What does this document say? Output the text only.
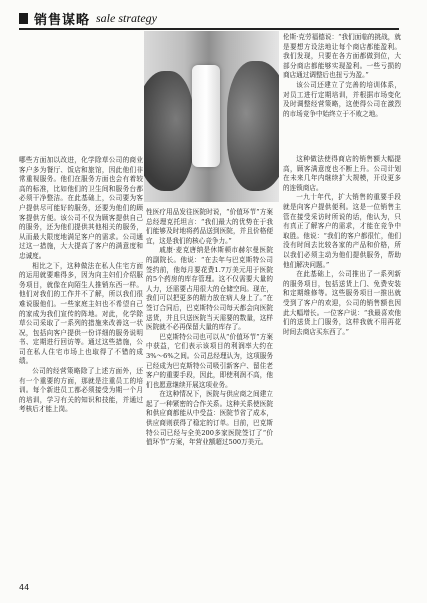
销售谋略 sale strategy

伦斯·克劳福德说：“我们面临的挑战，就是要想方设法地让每个商店都能盈利。我们发现，只要在各方面都做到位，大部分商店都能够实现盈利。一些亏损的商店通过调整后也扭亏为盈。”

该公司还建立了完善的培训体系，对员工进行定期培训，并根据市场变化及时调整经营策略，这使得公司在激烈的市场竞争中始终立于不败之地。

哪些方面加以改进，化学除草公司的商业客户多为餐厅、饭店和旅馆，因此他们非常重视服务。他们在服务方面也会有着较高的标准，比如他们的卫生间和服务台都必须干净整洁。在此基础上，公司要为客户提供尽可能好的服务，还要为他们的顾客提供方便。该公司不仅为顾客提供自己的服务，还为他们提供其他相关的服务，从而最大限度地满足客户的需求。公司通过这一措施，大大提高了客户的满意度和忠诚度。

相比之下，这种做法在私人住宅方面的运用就要难得多，因为向主妇们介绍服务项目，就像在向陌生人推销东西一样。他们对我们的工作并不了解，所以我们很难说服他们。一些家庭主妇也不希望自己的家成为我们宣传的阵地。对此，化学除草公司采取了一系列的措施来改善这一状况，包括向客户提供一份详细的服务说明书、定期进行回访等。通过这些措施，公司在私人住宅市场上也取得了不错的成绩。

公司的经营策略除了上述方面外，还有一个重要的方面，那就是注重员工的培训。每个新进员工都必须接受为期一个月的培训，学习有关的知识和技能，并通过考核后才能上岗。

性医疗用品发往医院时说，“价值环节”方案总经理克托坦言：“我们最大的优势在于我们能够及时地将药品送到医院，并且价格便宜，这是我们的核心竞争力。”

戚康·麦克唐纳是休斯顿市赫尔曼医院的副院长。他说：“在去年与巴克斯特公司签约前，他每月要花费1.7万美元用于医院的5个药房的库存管理。这不仅需要大量的人力，还需要占用很大的仓储空间。现在，我们可以把更多的精力放在病人身上了。”在签订合同后，巴克斯特公司每天都会向医院送货，并且只送医院当天需要的数量，这样医院就不必再保留大量的库存了。

巴克斯特公司也可以从“价值环节”方案中获益，它们表示该项目的利润率大约在3%～6%之间。公司总经理认为，这项服务已经成为巴克斯特公司吸引新客户、留住老客户的重要手段，因此，即使利润不高，他们也愿意继续开展这项业务。

在这种情况下，医院与供应商之间建立起了一种紧密的合作关系。这种关系使医院和供应商都能从中受益：医院节省了成本，供应商则获得了稳定的订单。目前，巴克斯特公司已经与全美200多家医院签订了“价值环节”方案，年营业额超过500万美元。

这种做法使得商店的销售额大幅提高，顾客满意度也不断上升。公司计划在未来几年内继续扩大规模，开设更多的连锁商店。

一九十年代，扩大销售的重要手段就是向客户提供便利。这是一位销售主管在接受采访时所说的话，他认为，只有真正了解客户的需求，才能在竞争中取胜。他说：“我们的客户都很忙，他们没有时间去比较各家的产品和价格，所以我们必须主动为他们提供服务，帮助他们解决问题。”

在此基础上，公司推出了一系列新的服务项目，包括送货上门、免费安装和定期维修等。这些服务项目一推出就受到了客户的欢迎，公司的销售额也因此大幅增长。一位客户说：“我最喜欢他们的送货上门服务，这样我就不用再花时间去商店买东西了。”

44
